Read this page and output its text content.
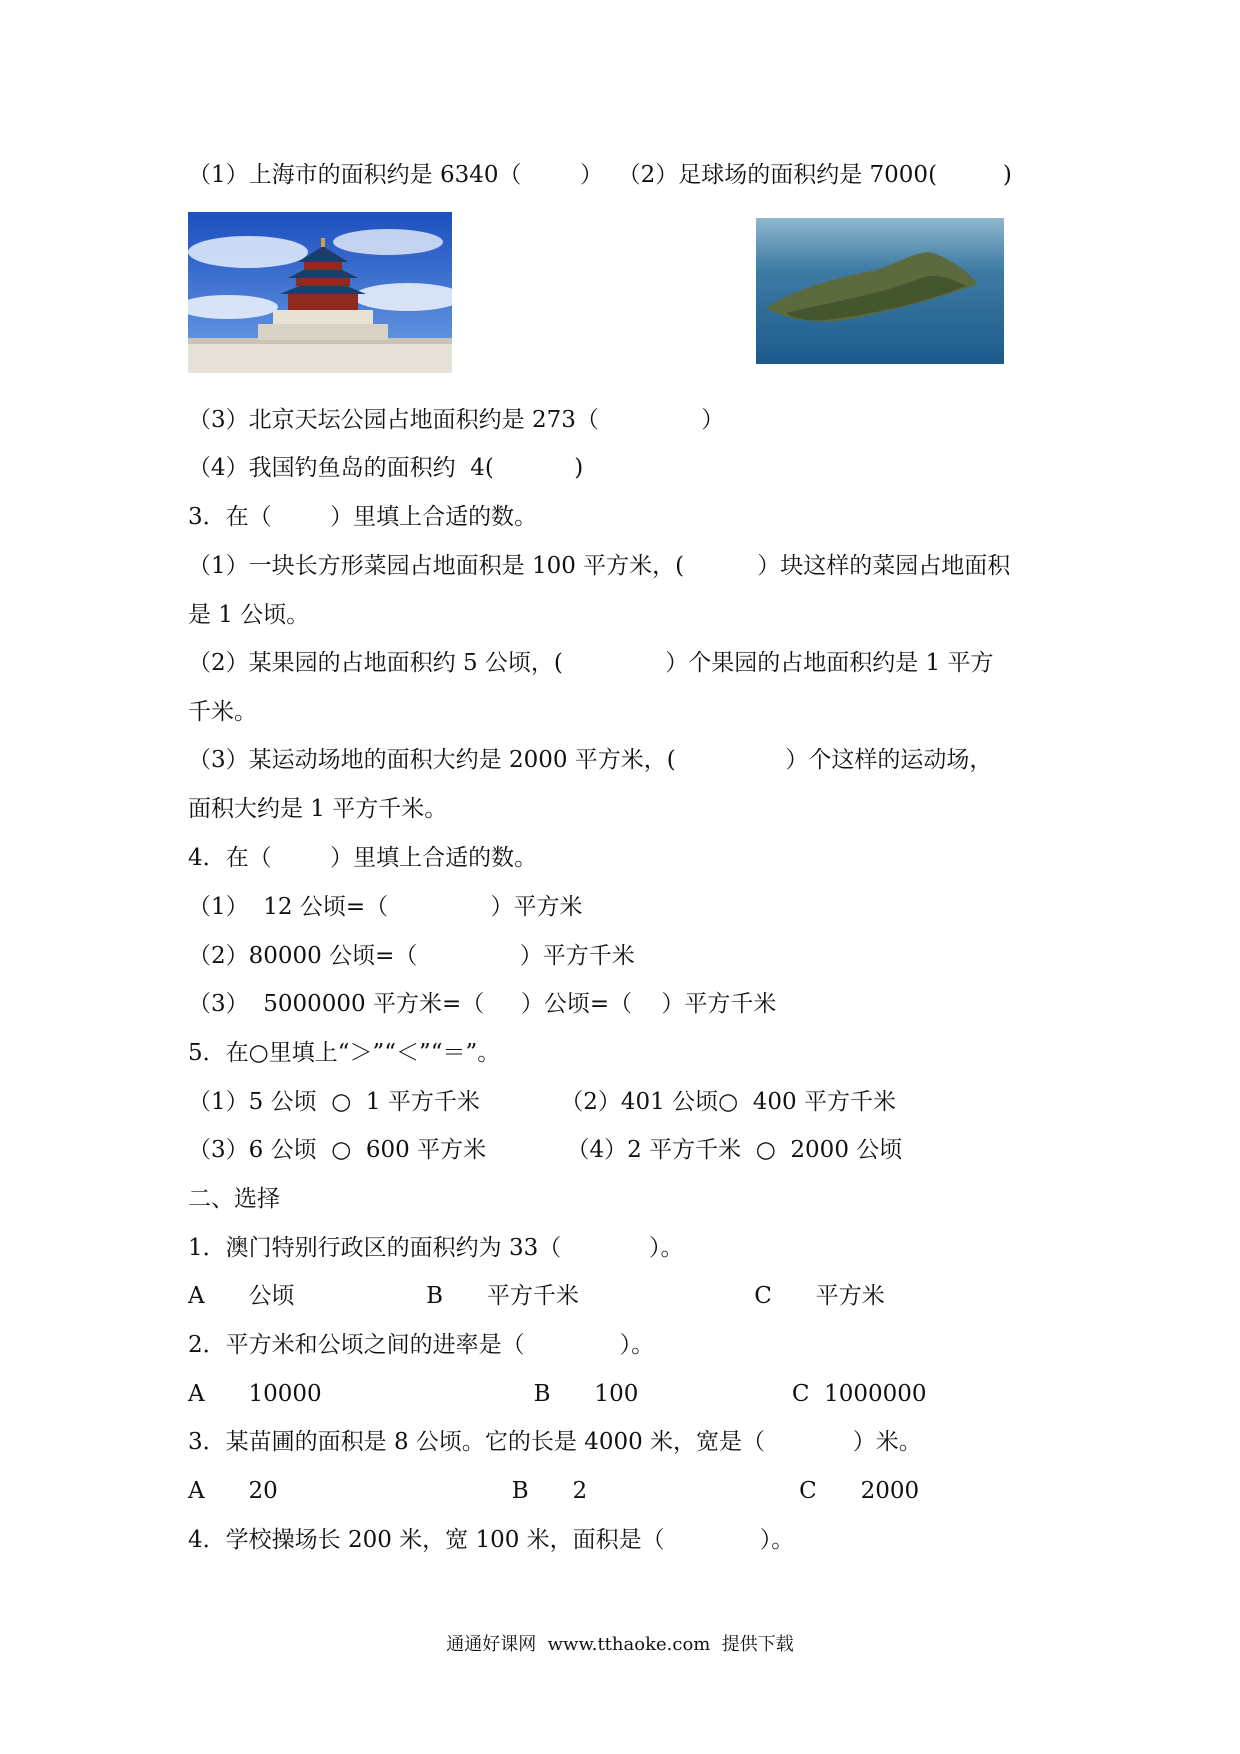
（1）上海市的面积约是 6340（        ）  （2）足球场的面积约是 7000(         )
（3）北京天坛公园占地面积约是 273（              ）
（4）我国钓鱼岛的面积约  4(           )
3．在（        ）里填上合适的数。
（1）一块长方形菜园占地面积是 100 平方米，(          ）块这样的菜园占地面积
是 1 公顷。
（2）某果园的占地面积约 5 公顷，(              ）个果园的占地面积约是 1 平方
千米。
（3）某运动场地的面积大约是 2000 平方米，(               ）个这样的运动场，
面积大约是 1 平方千米。
4．在（        ）里填上合适的数。
（1）  12 公顷=（              ）平方米
（2）80000 公顷=（              ）平方千米
（3）  5000000 平方米=（     ）公顷=（    ）平方千米
5．在○里填上“＞”“＜”“＝”。
（1）5 公顷  ○  1 平方千米           （2）401 公顷○  400 平方千米
（3）6 公顷  ○  600 平方米           （4）2 平方千米  ○  2000 公顷
二、选择
1．澳门特别行政区的面积约为 33（            ）。
A      公顷                  B      平方千米                        C      平方米
2．平方米和公顷之间的进率是（             ）。
A      10000                             B      100                     C  1000000
3．某苗圃的面积是 8 公顷。它的长是 4000 米，宽是（            ）米。
A      20                                B      2                             C      2000
4．学校操场长 200 米，宽 100 米，面积是（             ）。
通通好课网  www.tthaoke.com  提供下载
